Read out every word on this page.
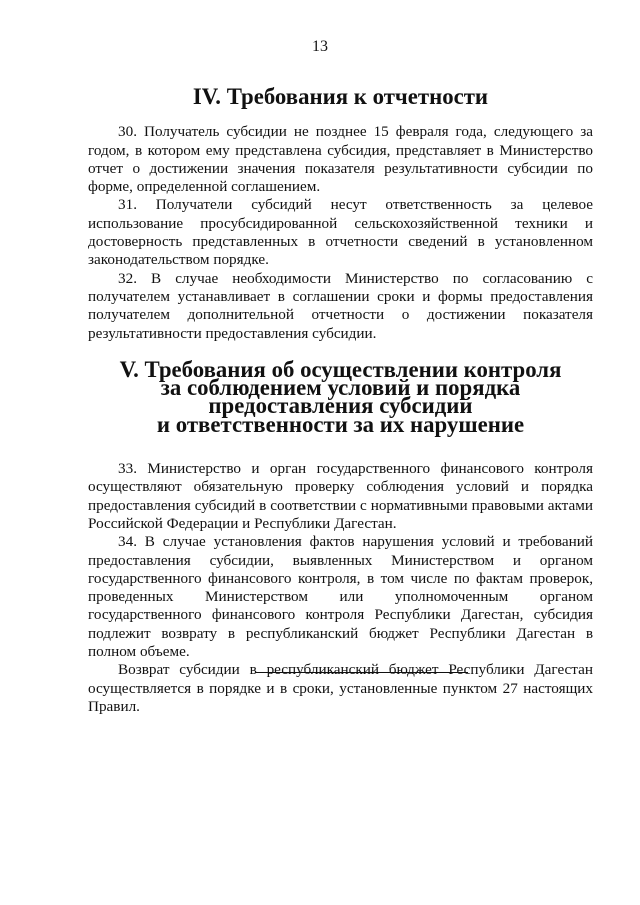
13
IV. Требования к отчетности

30. Получатель субсидии не позднее 15 февраля года, следующего за годом, в котором ему представлена субсидия, представляет в Министерство отчет о достижении значения показателя результативности субсидии по форме, определенной соглашением.

31. Получатели субсидий несут ответственность за целевое использование просубсидированной сельскохозяйственной техники и достоверность представленных в отчетности сведений в установленном законодательством порядке.

32. В случае необходимости Министерство по согласованию с получателем устанавливает в соглашении сроки и формы предоставления получателем дополнительной отчетности о достижении показателя результативности предоставления субсидии.

V. Требования об осуществлении контроля
за соблюдением условий и порядка предоставления субсидий
и ответственности за их нарушение

33. Министерство и орган государственного финансового контроля осуществляют обязательную проверку соблюдения условий и порядка предоставления субсидий в соответствии с нормативными правовыми актами Российской Федерации и Республики Дагестан.

34. В случае установления фактов нарушения условий и требований предоставления субсидии, выявленных Министерством и органом государственного финансового контроля, в том числе по фактам проверок, проведенных Министерством или уполномоченным органом государственного финансового контроля Республики Дагестан, субсидия подлежит возврату в республиканский бюджет Республики Дагестан в полном объеме.

Возврат субсидии в республиканский бюджет Республики Дагестан осуществляется в порядке и в сроки, установленные пунктом 27 настоящих Правил.
